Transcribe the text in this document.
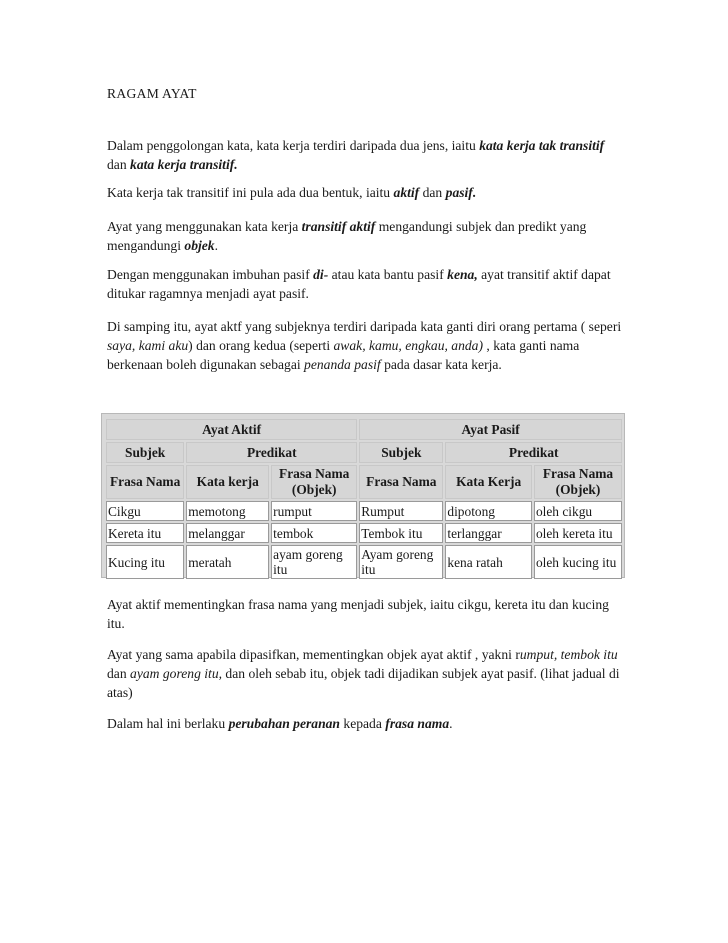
RAGAM AYAT
Dalam penggolongan kata, kata kerja terdiri daripada dua jens, iaitu kata kerja tak transitif dan kata kerja transitif.
Kata kerja tak transitif ini pula ada dua bentuk, iaitu aktif dan pasif.
Ayat yang menggunakan kata kerja transitif aktif mengandungi subjek dan predikt yang mengandungi objek.
Dengan menggunakan imbuhan pasif di- atau kata bantu pasif kena, ayat transitif aktif dapat ditukar ragamnya menjadi ayat pasif.
Di samping itu, ayat aktf yang subjeknya terdiri daripada kata ganti diri orang pertama ( seperi saya, kami aku) dan orang kedua (seperti awak, kamu, engkau, anda) , kata ganti nama berkenaan boleh digunakan sebagai penanda pasif pada dasar kata kerja.
Ayat Aktif			Ayat Pasif		
Subjek	Predikat		Subjek	Predikat	
Frasa Nama	Kata kerja	Frasa Nama (Objek)	Frasa Nama	Kata Kerja	Frasa Nama (Objek)
Cikgu	memotong	rumput	Rumput	dipotong	oleh cikgu
Kereta itu	melanggar	tembok	Tembok itu	terlanggar	oleh kereta itu
Kucing itu	meratah	ayam goreng itu	Ayam goreng itu	kena ratah	oleh kucing itu
Ayat aktif mementingkan frasa nama yang menjadi subjek, iaitu cikgu, kereta itu dan kucing itu.
Ayat yang sama apabila dipasifkan, mementingkan objek ayat aktif , yakni rumput, tembok itu dan ayam goreng itu, dan oleh sebab itu, objek tadi dijadikan subjek ayat pasif. (lihat jadual di atas)
Dalam hal ini berlaku perubahan peranan kepada frasa nama.
